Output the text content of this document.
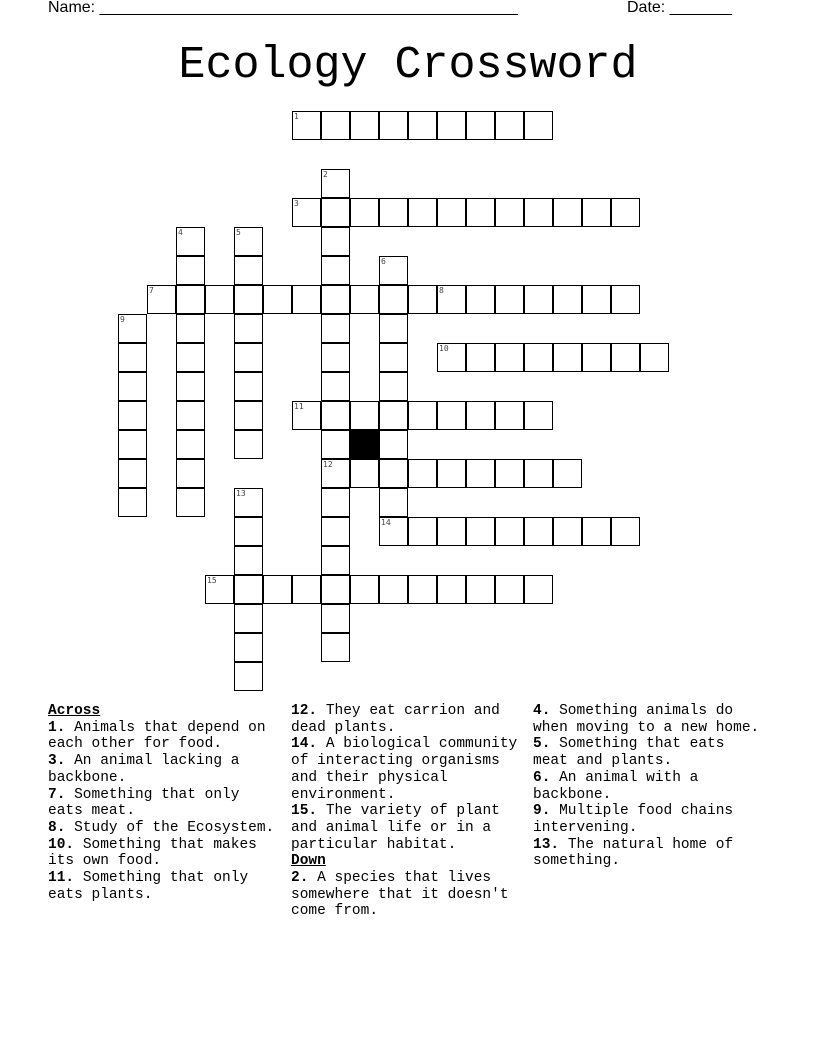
Name: _______________________________________________	Date: _______
Ecology Crossword
1
2
3
4	5
6
7	8
9
10
11
12
13
14
15
Across
1. Animals that depend on each other for food.
3. An animal lacking a backbone.
7. Something that only eats meat.
8. Study of the Ecosystem.
10. Something that makes its own food.
11. Something that only eats plants.
12. They eat carrion and dead plants.
14. A biological community of interacting organisms and their physical environment.
15. The variety of plant and animal life or in a particular habitat.
Down
2. A species that lives somewhere that it doesn't come from.
4. Something animals do when moving to a new home.
5. Something that eats meat and plants.
6. An animal with a backbone.
9. Multiple food chains intervening.
13. The natural home of something.
